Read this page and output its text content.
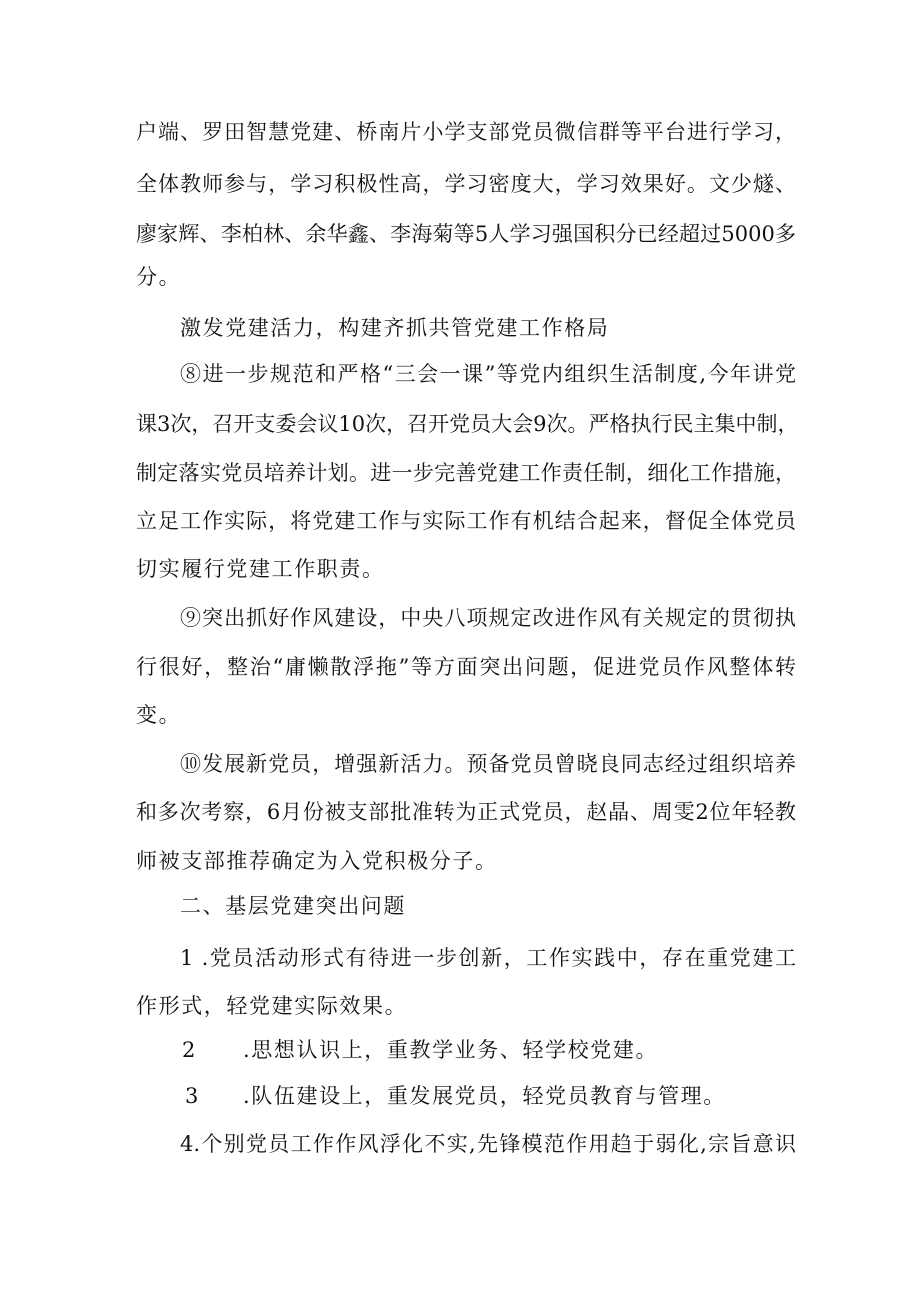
户端、罗田智慧党建、桥南片小学支部党员微信群等平台进行学习，
全体教师参与，学习积极性高，学习密度大，学习效果好。文少燧、
廖家辉、李柏林、余华鑫、李海菊等5人学习强国积分已经超过5000多
分。
激发党建活力，构建齐抓共管党建工作格局
⑧进一步规范和严格“三会一课”等党内组织生活制度,今年讲党
课3次，召开支委会议10次，召开党员大会9次。严格执行民主集中制，
制定落实党员培养计划。进一步完善党建工作责任制，细化工作措施，
立足工作实际，将党建工作与实际工作有机结合起来，督促全体党员
切实履行党建工作职责。
⑨突出抓好作风建设，中央八项规定改进作风有关规定的贯彻执
行很好，整治“庸懒散浮拖”等方面突出问题，促进党员作风整体转
变。
⑩发展新党员，增强新活力。预备党员曾晓良同志经过组织培养
和多次考察，6月份被支部批准转为正式党员，赵晶、周雯2位年轻教
师被支部推荐确定为入党积极分子。
二、基层党建突出问题
1 .党员活动形式有待进一步创新，工作实践中，存在重党建工
作形式，轻党建实际效果。
2 .思想认识上，重教学业务、轻学校党建。
3 .队伍建设上，重发展党员，轻党员教育与管理。
4.个别党员工作作风浮化不实,先锋模范作用趋于弱化,宗旨意识
